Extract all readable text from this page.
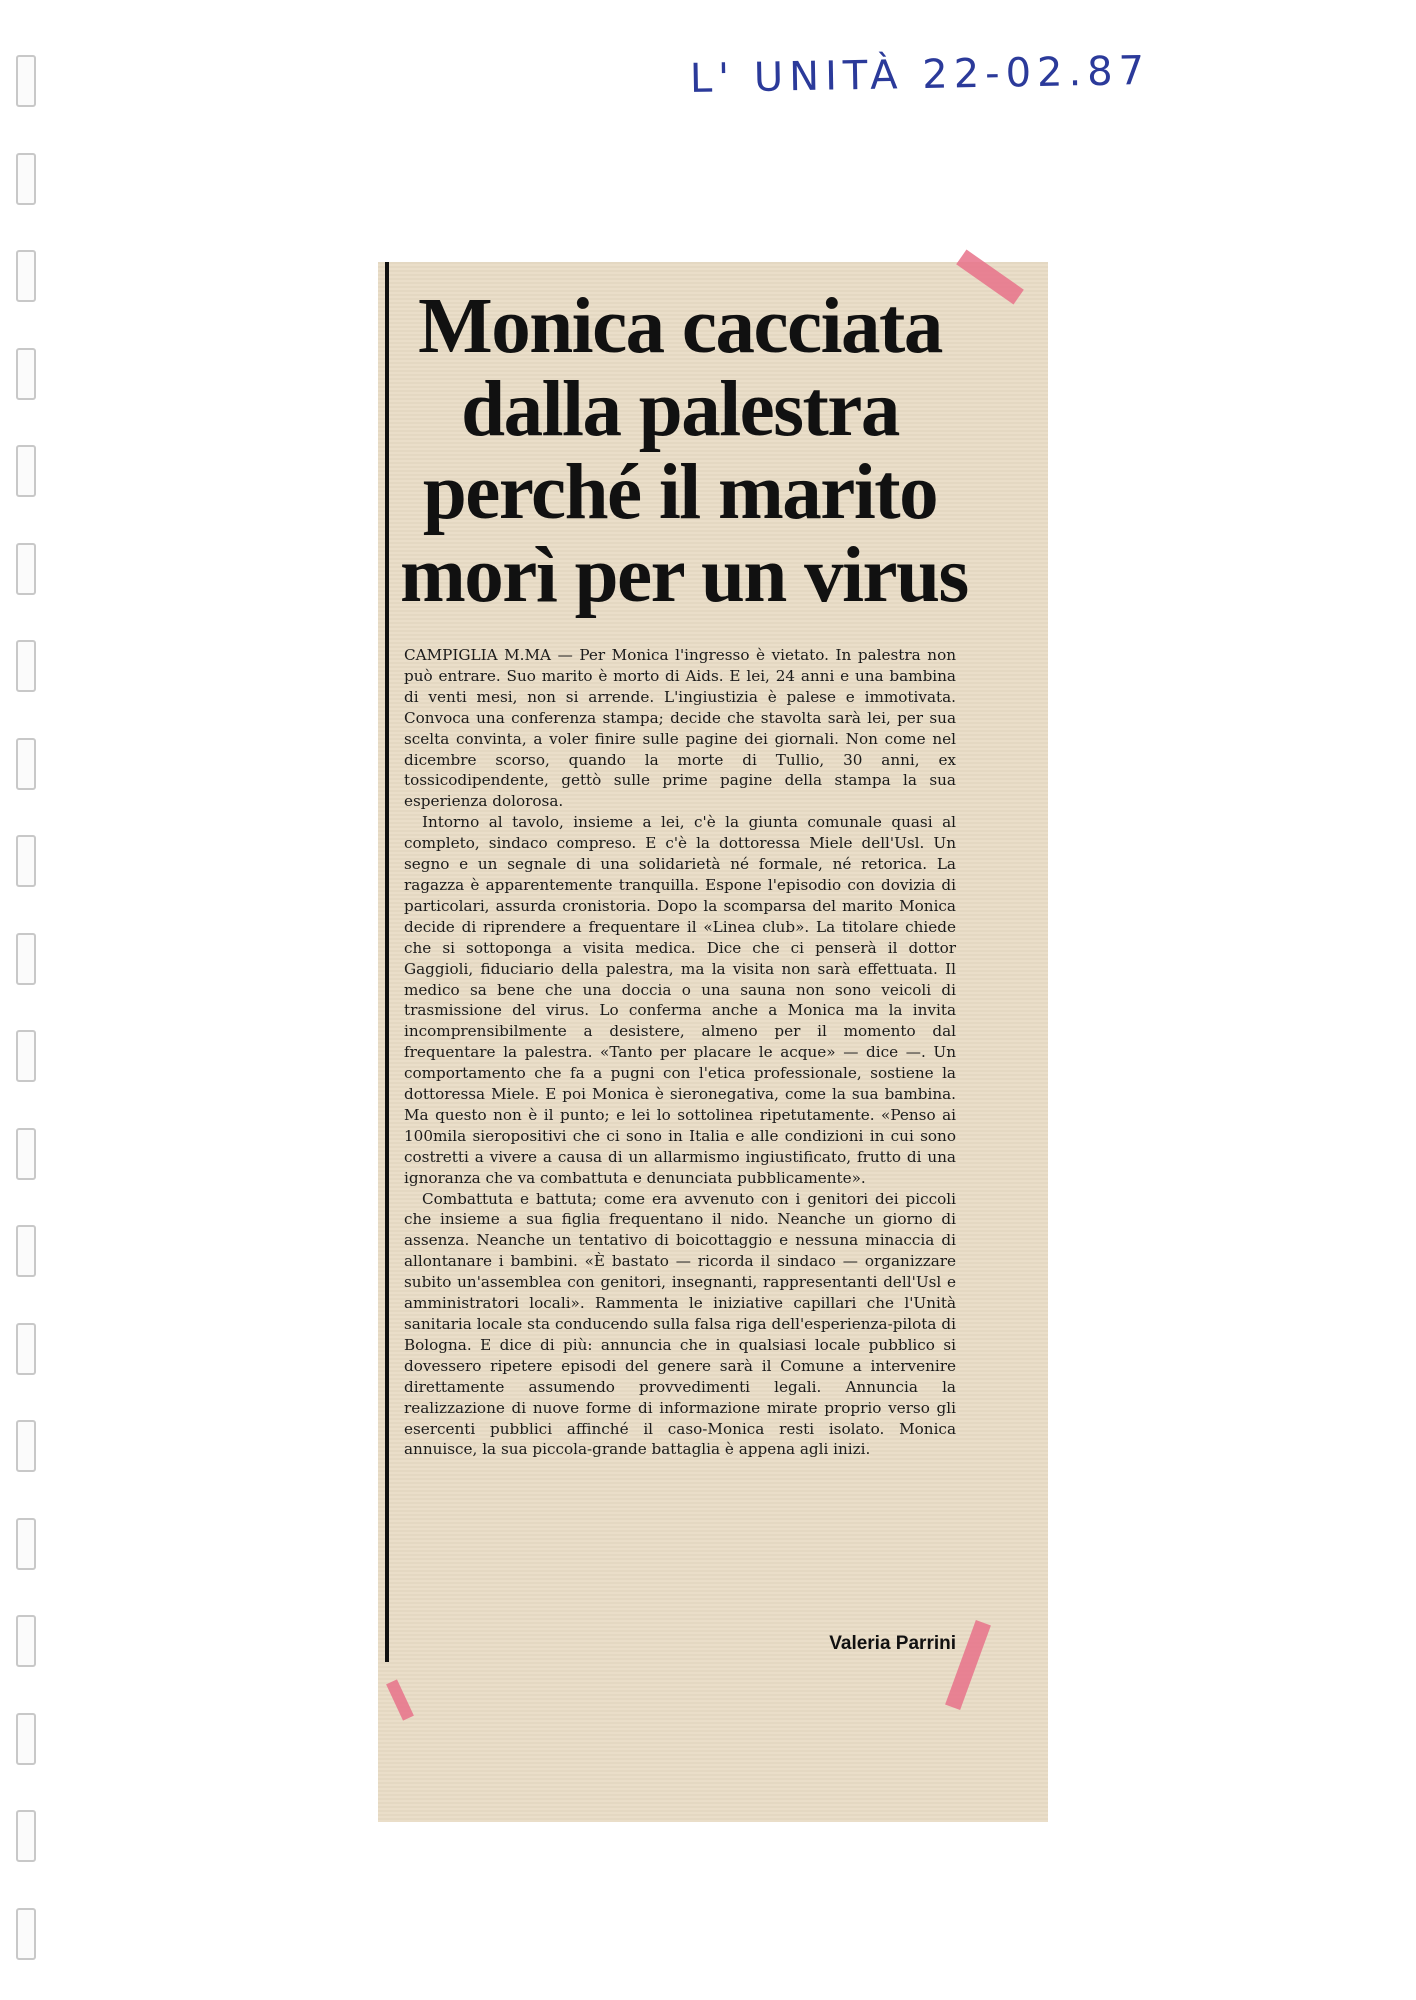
L' UNITÀ 22-02.87
Monica cacciata
dalla palestra
perché il marito
morì per un virus

CAMPIGLIA M.MA — Per Monica l'ingresso è vietato. In palestra non può entrare. Suo marito è morto di Aids. E lei, 24 anni e una bambina di venti mesi, non si arrende. L'ingiustizia è palese e immotivata. Convoca una conferenza stampa; decide che stavolta sarà lei, per sua scelta convinta, a voler finire sulle pagine dei giornali. Non come nel dicembre scorso, quando la morte di Tullio, 30 anni, ex tossicodipendente, gettò sulle prime pagine della stampa la sua esperienza dolorosa.

Intorno al tavolo, insieme a lei, c'è la giunta comunale quasi al completo, sindaco compreso. E c'è la dottoressa Miele dell'Usl. Un segno e un segnale di una solidarietà né formale, né retorica. La ragazza è apparentemente tranquilla. Espone l'episodio con dovizia di particolari, assurda cronistoria. Dopo la scomparsa del marito Monica decide di riprendere a frequentare il «Linea club». La titolare chiede che si sottoponga a visita medica. Dice che ci penserà il dottor Gaggioli, fiduciario della palestra, ma la visita non sarà effettuata. Il medico sa bene che una doccia o una sauna non sono veicoli di trasmissione del virus. Lo conferma anche a Monica ma la invita incomprensibilmente a desistere, almeno per il momento dal frequentare la palestra. «Tanto per placare le acque» — dice —. Un comportamento che fa a pugni con l'etica professionale, sostiene la dottoressa Miele. E poi Monica è sieronegativa, come la sua bambina. Ma questo non è il punto; e lei lo sottolinea ripetutamente. «Penso ai 100mila sieropositivi che ci sono in Italia e alle condizioni in cui sono costretti a vivere a causa di un allarmismo ingiustificato, frutto di una ignoranza che va combattuta e denunciata pubblicamente».

Combattuta e battuta; come era avvenuto con i genitori dei piccoli che insieme a sua figlia frequentano il nido. Neanche un giorno di assenza. Neanche un tentativo di boicottaggio e nessuna minaccia di allontanare i bambini. «È bastato — ricorda il sindaco — organizzare subito un'assemblea con genitori, insegnanti, rappresentanti dell'Usl e amministratori locali». Rammenta le iniziative capillari che l'Unità sanitaria locale sta conducendo sulla falsa riga dell'esperienza-pilota di Bologna. E dice di più: annuncia che in qualsiasi locale pubblico si dovessero ripetere episodi del genere sarà il Comune a intervenire direttamente assumendo provvedimenti legali. Annuncia la realizzazione di nuove forme di informazione mirate proprio verso gli esercenti pubblici affinché il caso-Monica resti isolato. Monica annuisce, la sua piccola-grande battaglia è appena agli inizi.

Valeria Parrini
